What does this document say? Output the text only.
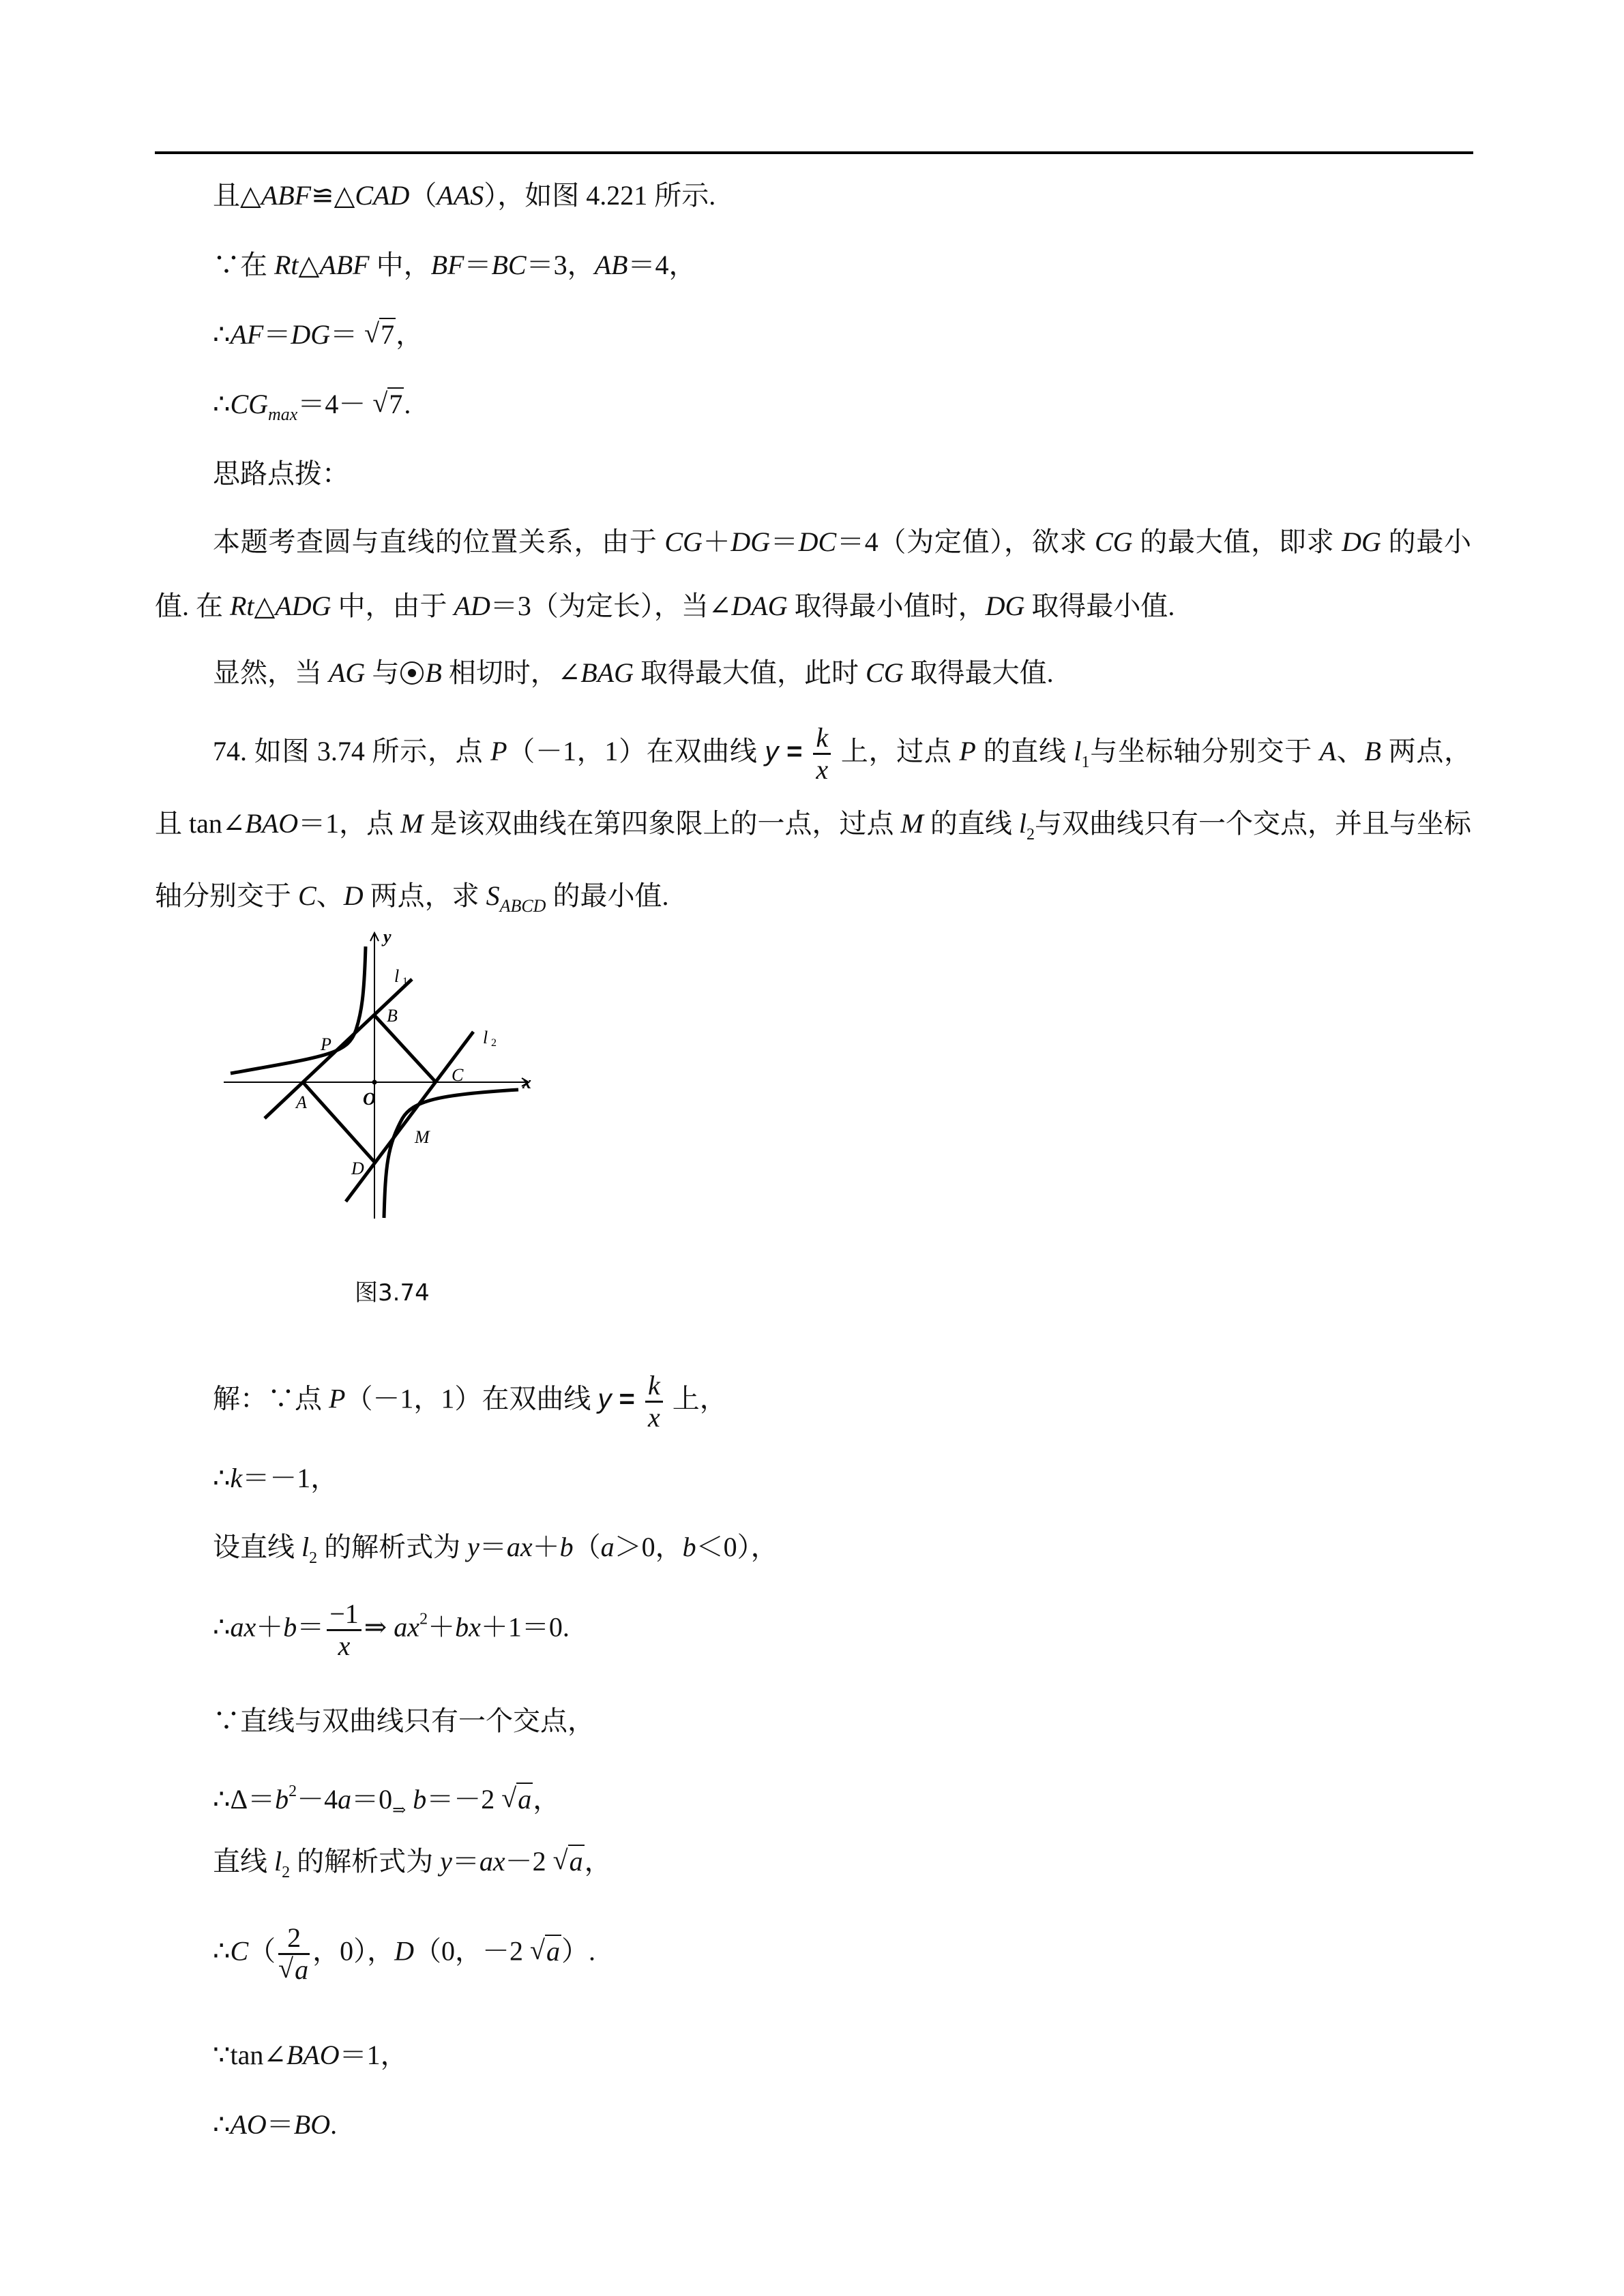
且△ABF≌△CAD（AAS），如图 4.221 所示.
∵在 Rt△ABF 中，BF＝BC＝3，AB＝4，
∴AF＝DG＝ √ 7，
$\therefore CG_{max}=4-$ √ 7.
思路点拨：
本题考查圆与直线的位置关系，由于 CG＋DG＝DC＝4（为定值），欲求 CG 的最大值，即求 DG 的最小值. 在 Rt△ADG 中，由于 AD＝3（为定长），当∠DAG 取得最小值时，DG 取得最小值.
显然，当 AG 与 B 相切时，∠BAG 取得最大值，此时 CG 取得最大值.
74. 如图 3.74 所示，点 P（－1，1）在双曲线 $y = \frac{k}{x}$ 上，过点 P 的直线 $l_1$与坐标轴分别交于 A、B 两点，且 tan∠BAO＝1，点 M 是该双曲线在第四象限上的一点，过点 M 的直线 $l_2$与双曲线只有一个交点，并且与坐标轴分别交于 C、D 两点，求 $S_{ABCD}$ 的最小值.
y
x
l 1
l 2
B
P
C
A	O
M
D
图3.74
解：∵点 P（－1，1）在双曲线 $y = \frac{k}{x}$ 上，
∴k＝－1，
设直线 $l_2$ 的解析式为 y＝ax＋b（a＞0，b＜0），
∴ax＋b＝ $\frac{-1}{x}$ ⇒ $ax^2+bx+1=0$.
∵直线与双曲线只有一个交点，
$\therefore\Delta=b^2-4a=0_\Rightarrow$ b＝－2 √ a，
直线 $l_2$ 的解析式为 y＝ax－2 √ a，
∴C（ 2
√ a ，0），D（0，－2 √ a）.
∵tan∠BAO＝1，
∴AO＝BO.
